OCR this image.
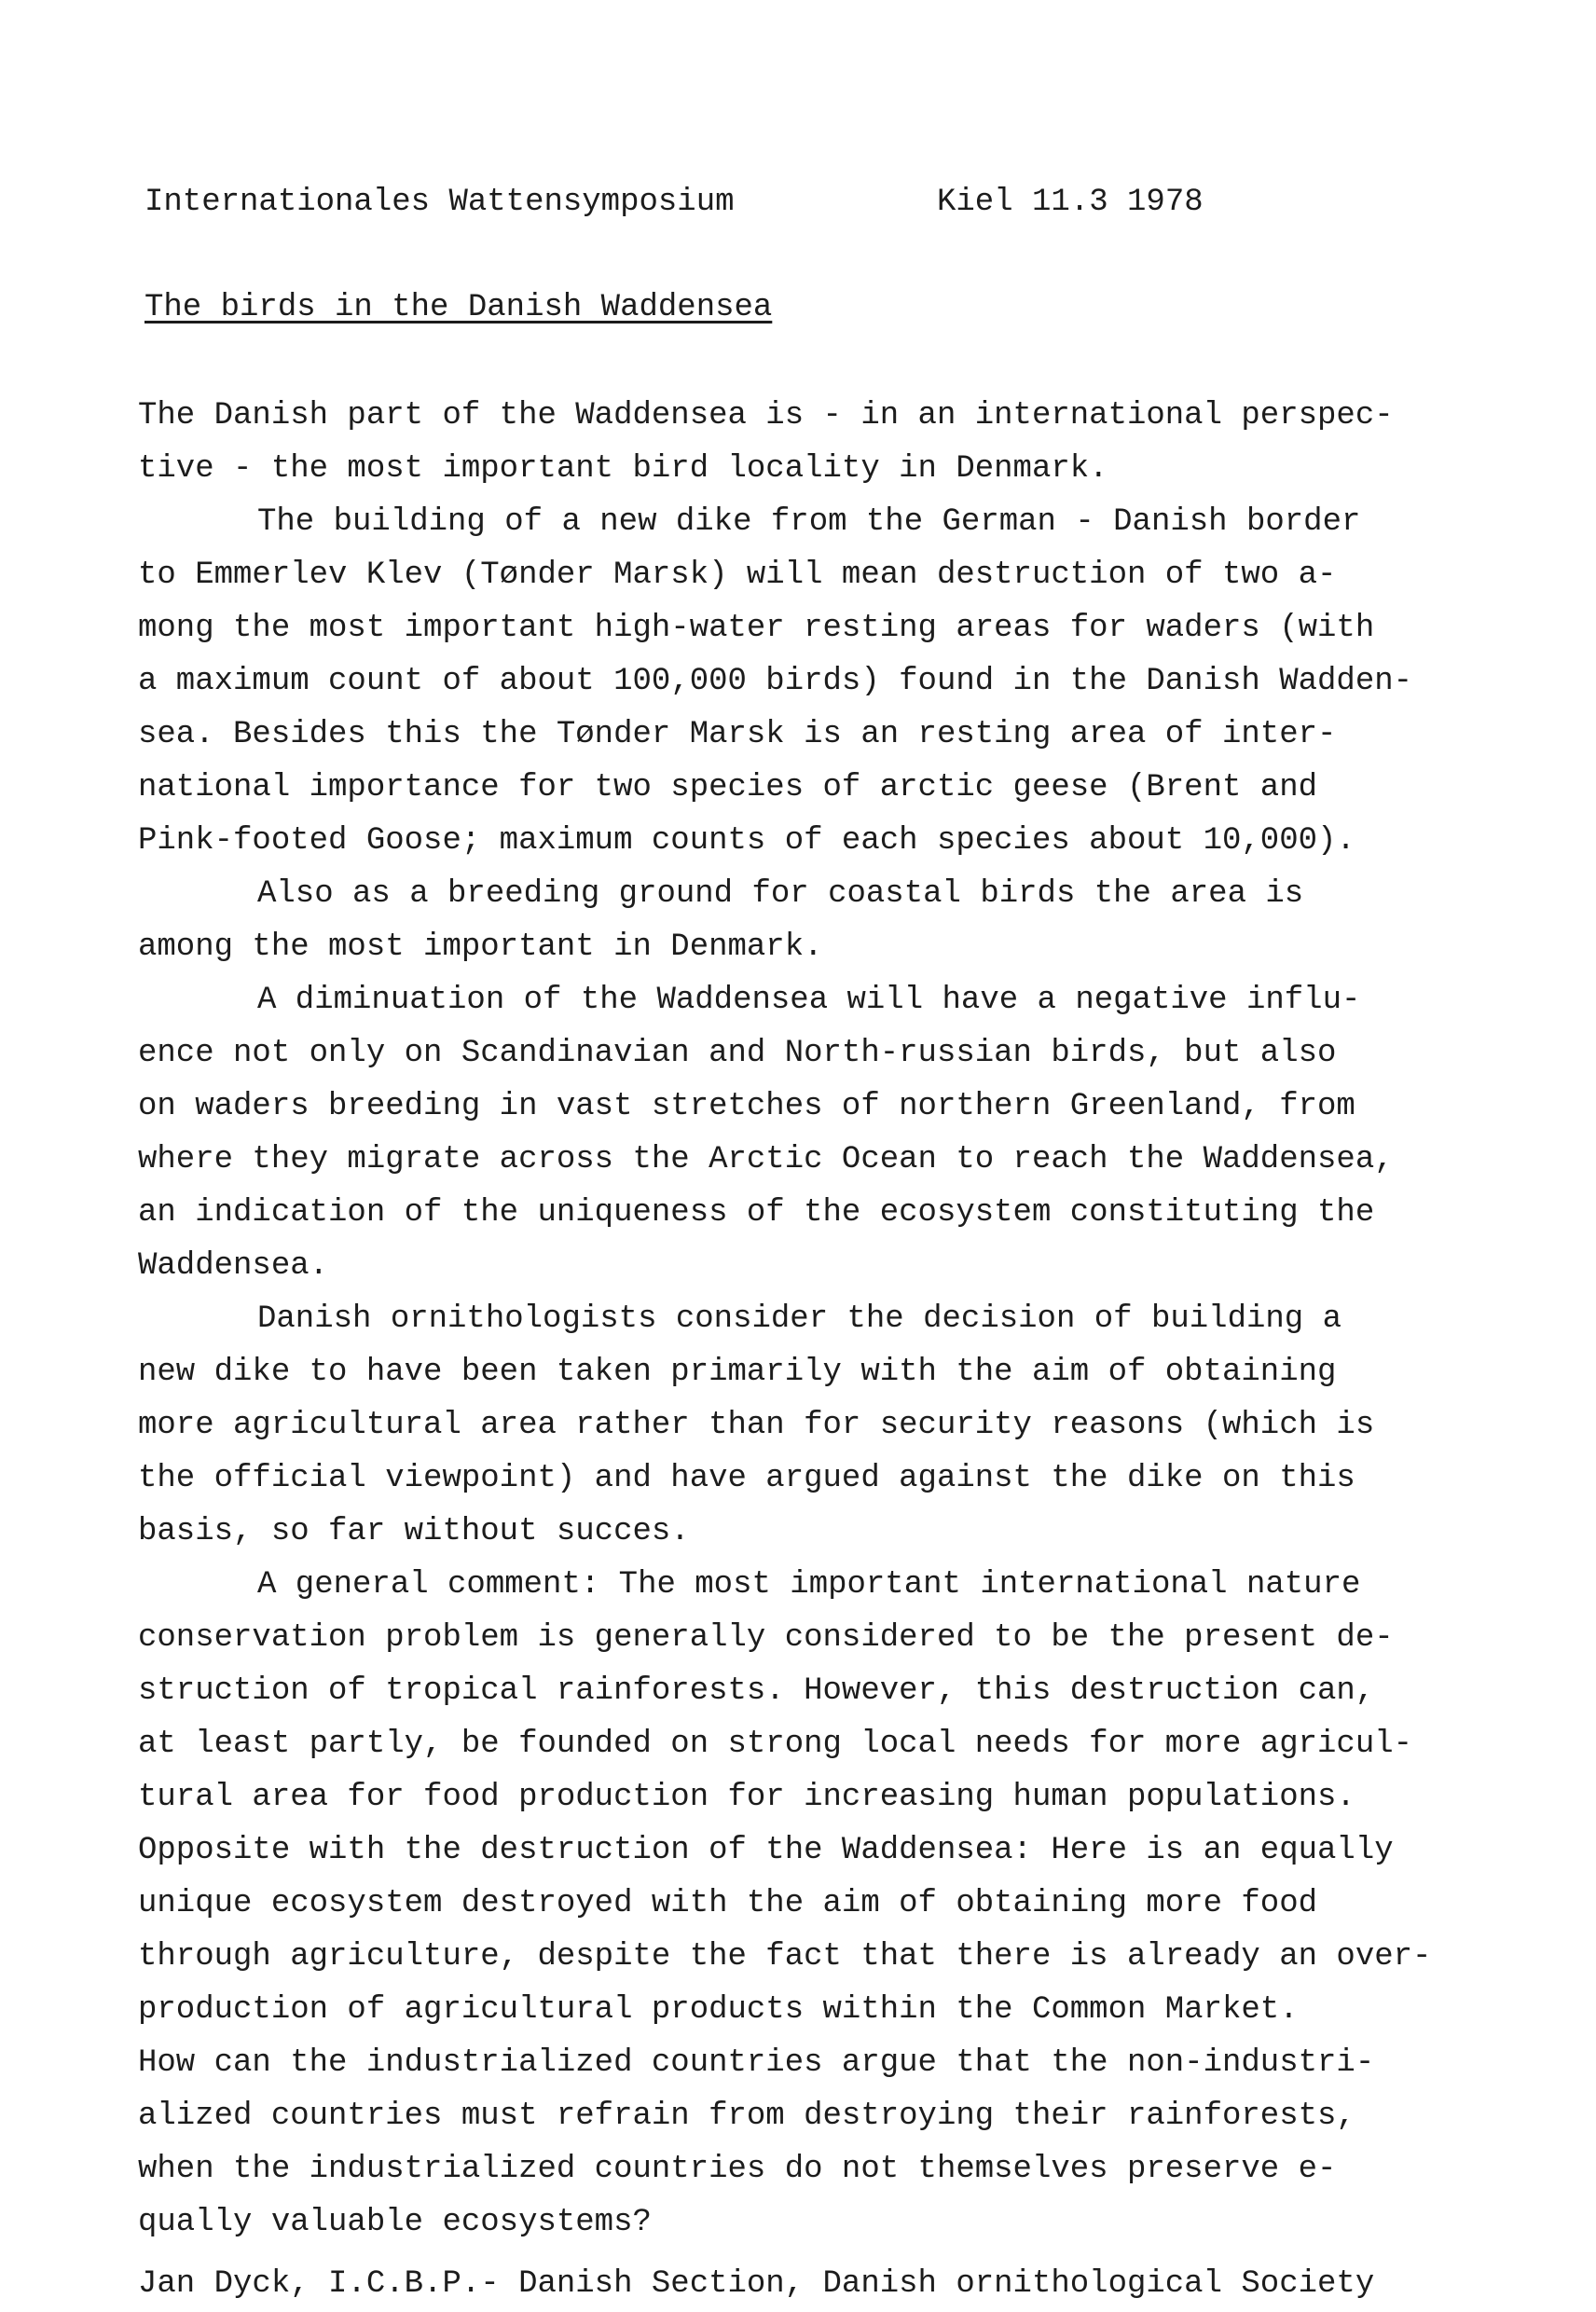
Internationales Wattensymposium	Kiel 11.3 1978
The birds in the Danish Waddensea
The Danish part of the Waddensea is - in an international perspec-
tive - the most important bird locality in Denmark.
The building of a new dike from the German - Danish border
to Emmerlev Klev (Tønder Marsk) will mean destruction of two a-
mong the most important high-water resting areas for waders (with
a maximum count of about 100,000 birds) found in the Danish Wadden-
sea. Besides this the Tønder Marsk is an resting area of inter-
national importance for two species of arctic geese (Brent and
Pink-footed Goose; maximum counts of each species about 10,000).
Also as a breeding ground for coastal birds the area is
among the most important in Denmark.
A diminuation of the Waddensea will have a negative influ-
ence not only on Scandinavian and North-russian birds, but also
on waders breeding in vast stretches of northern Greenland, from
where they migrate across the Arctic Ocean to reach the Waddensea,
an indication of the uniqueness of the ecosystem constituting the
Waddensea.
Danish ornithologists consider the decision of building a
new dike to have been taken primarily with the aim of obtaining
more agricultural area rather than for security reasons (which is
the official viewpoint) and have argued against the dike on this
basis, so far without succes.
A general comment: The most important international nature
conservation problem is generally considered to be the present de-
struction of tropical rainforests. However, this destruction can,
at least partly, be founded on strong local needs for more agricul-
tural area for food production for increasing human populations.
Opposite with the destruction of the Waddensea: Here is an equally
unique ecosystem destroyed with the aim of obtaining more food
through agriculture, despite the fact that there is already an over-
production of agricultural products within the Common Market.
How can the industrialized countries argue that the non-industri-
alized countries must refrain from destroying their rainforests,
when the industrialized countries do not themselves preserve e-
qually valuable ecosystems?
Jan Dyck, I.C.B.P.- Danish Section, Danish ornithological Society
